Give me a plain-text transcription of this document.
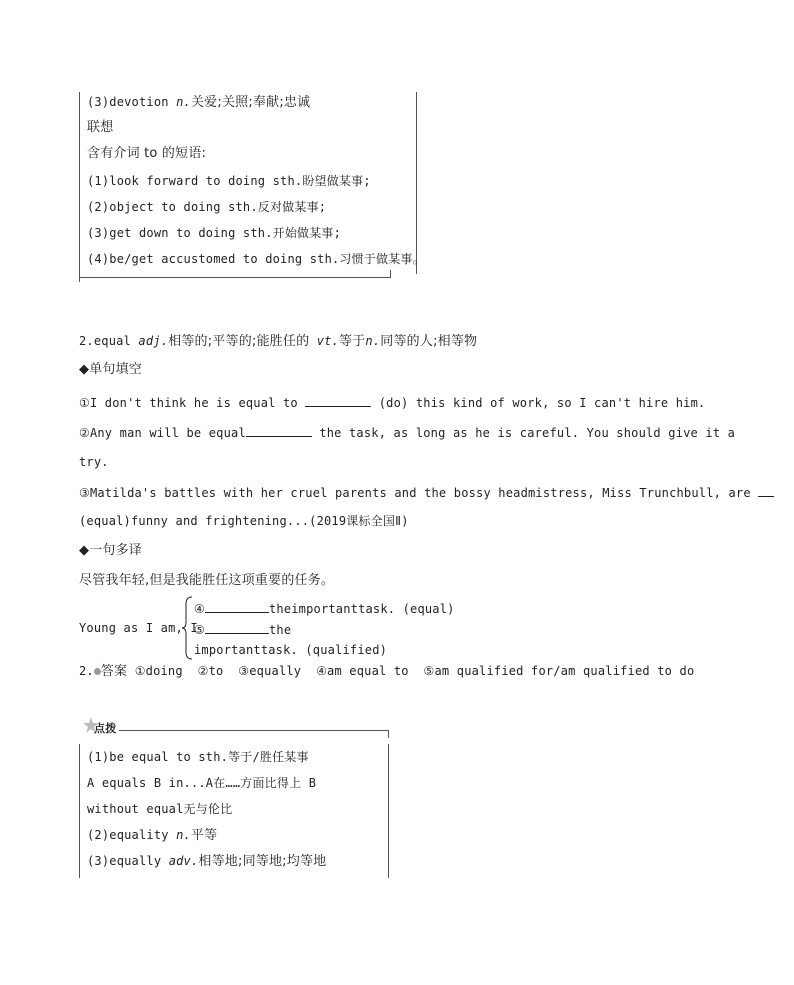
(3)devotion n.关爱;关照;奉献;忠诚
联想
含有介词 to 的短语:
(1)look forward to doing sth.盼望做某事;
(2)object to doing sth.反对做某事;
(3)get down to doing sth.开始做某事;
(4)be/get accustomed to doing sth.习惯于做某事。
2.equal adj.相等的;平等的;能胜任的 vt.等于n.同等的人;相等物
◆单句填空
①I don't think he is equal to	(do) this kind of work, so I can't hire him.
②Any man will be equal	the task, as long as he is careful. You should give it a
try.
③Matilda's battles with her cruel parents and the bossy headmistress, Miss Trunchbull, are
(equal)funny and frightening...(2019课标全国Ⅱ)
◆一句多译
尽管我年轻,但是我能胜任这项重要的任务。
Young as I am, I
④	theimportanttask. (equal)
⑤	the
importanttask. (qualified)
2. 答案 ①doing  ②to  ③equally  ④am equal to  ⑤am qualified for/am qualified to do
点拨
(1)be equal to sth.等于/胜任某事
A equals B in...A在……方面比得上 B
without equal无与伦比
(2)equality n.平等
(3)equally adv.相等地;同等地;均等地
